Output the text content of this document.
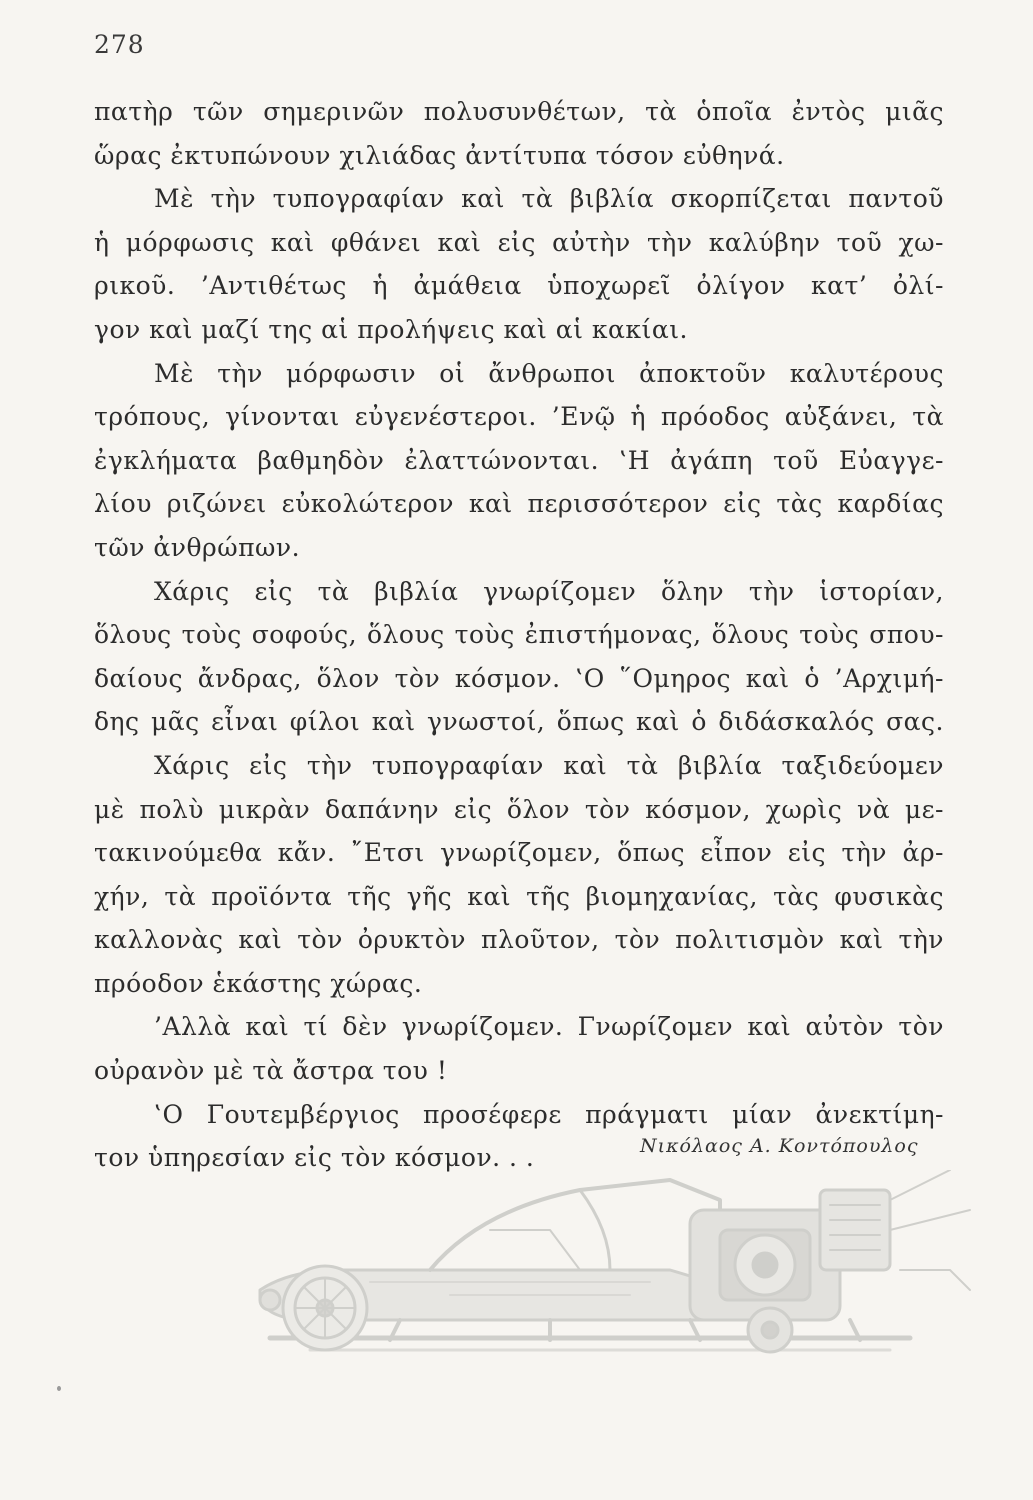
278
πατὴρ τῶν σημερινῶν πολυσυνθέτων, τὰ ὁποῖα ἐντὸς μιᾶς
ὥρας ἐκτυπώνουν χιλιάδας ἀντίτυπα τόσον εὐθηνά.
Μὲ τὴν τυπογραφίαν καὶ τὰ βιβλία σκορπίζεται παντοῦ
ἡ μόρφωσις καὶ φθάνει καὶ εἰς αὐτὴν τὴν καλύβην τοῦ χω-
ρικοῦ. ’Αντιθέτως ἡ ἀμάθεια ὑποχωρεῖ ὀλίγον κατ’ ὀλί-
γον καὶ μαζί της αἱ προλήψεις καὶ αἱ κακίαι.
Μὲ τὴν μόρφωσιν οἱ ἄνθρωποι ἀποκτοῦν καλυτέρους
τρόπους, γίνονται εὐγενέστεροι. ’Ενῷ ἡ πρόοδος αὐξάνει, τὰ
ἐγκλήματα βαθμηδὸν ἐλαττώνονται. ‛Η ἀγάπη τοῦ Εὐαγγε-
λίου ριζώνει εὐκολώτερον καὶ περισσότερον εἰς τὰς καρδίας
τῶν ἀνθρώπων.
Χάρις εἰς τὰ βιβλία γνωρίζομεν ὅλην τὴν ἱστορίαν,
ὅλους τοὺς σοφούς, ὅλους τοὺς ἐπιστήμονας, ὅλους τοὺς σπου-
δαίους ἄνδρας, ὅλον τὸν κόσμον. ‛Ο ῞Ομηρος καὶ ὁ ’Αρχιμή-
δης μᾶς εἶναι φίλοι καὶ γνωστοί, ὅπως καὶ ὁ διδάσκαλός σας.
Χάρις εἰς τὴν τυπογραφίαν καὶ τὰ βιβλία ταξιδεύομεν
μὲ πολὺ μικρὰν δαπάνην εἰς ὅλον τὸν κόσμον, χωρὶς νὰ με-
τακινούμεθα κἄν. ῎Ετσι γνωρίζομεν, ὅπως εἶπον εἰς τὴν ἀρ-
χήν, τὰ προϊόντα τῆς γῆς καὶ τῆς βιομηχανίας, τὰς φυσικὰς
καλλονὰς καὶ τὸν ὀρυκτὸν πλοῦτον, τὸν πολιτισμὸν καὶ τὴν
πρόοδον ἑκάστης χώρας.
’Αλλὰ καὶ τί δὲν γνωρίζομεν. Γνωρίζομεν καὶ αὐτὸν τὸν
οὐρανὸν μὲ τὰ ἄστρα του !
‛Ο Γουτεμβέργιος προσέφερε πράγματι μίαν ἀνεκτίμη-
τον ὑπηρεσίαν εἰς τὸν κόσμον. . .	Νικόλαος Α. Κοντόπουλος
